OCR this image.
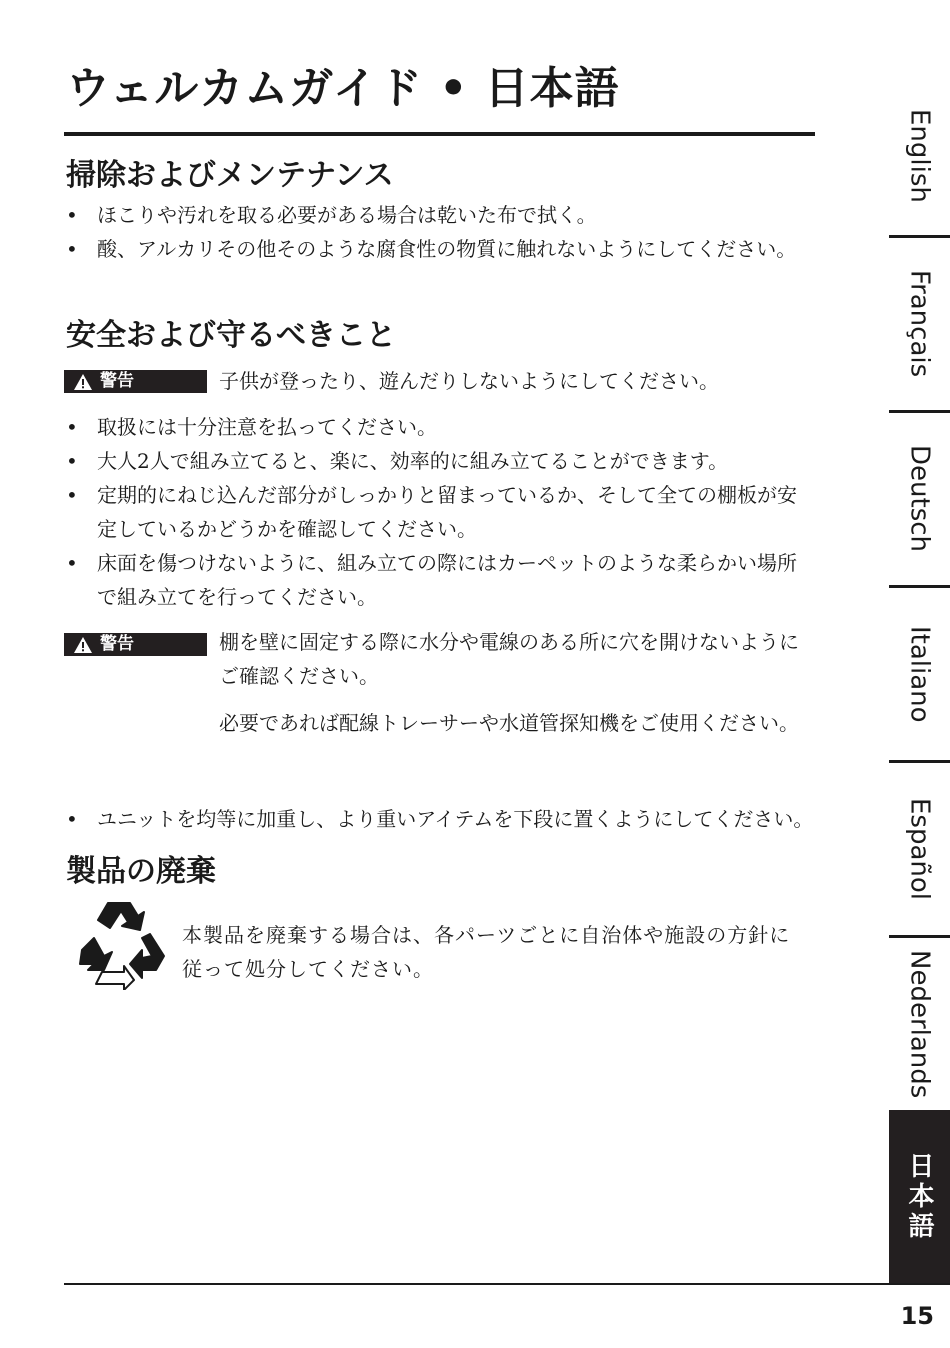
ウェルカムガイド • 日本語
掃除およびメンテナンス
• ほこりや汚れを取る必要がある場合は乾いた布で拭く。
• 酸、アルカリその他そのような腐食性の物質に触れないようにしてください。
安全および守るべきこと
警告	子供が登ったり、遊んだりしないようにしてください。

• 取扱には十分注意を払ってください。
• 大人2人で組み立てると、楽に、効率的に組み立てることができます。
• 定期的にねじ込んだ部分がしっかりと留まっているか、そして全ての棚板が安定しているかどうかを確認してください。
• 床面を傷つけないように、組み立ての際にはカーペットのような柔らかい場所で組み立てを行ってください。
警告	棚を壁に固定する際に水分や電線のある所に穴を開けないようにご確認ください。

必要であれば配線トレーサーや水道管探知機をご使用ください。

• ユニットを均等に加重し、より重いアイテムを下段に置くようにしてください。
製品の廃棄

本製品を廃棄する場合は、各パーツごとに自治体や施設の方針に従って処分してください。

English
Français
Deutsch
Italiano
Español
Nederlands
日本語
15
